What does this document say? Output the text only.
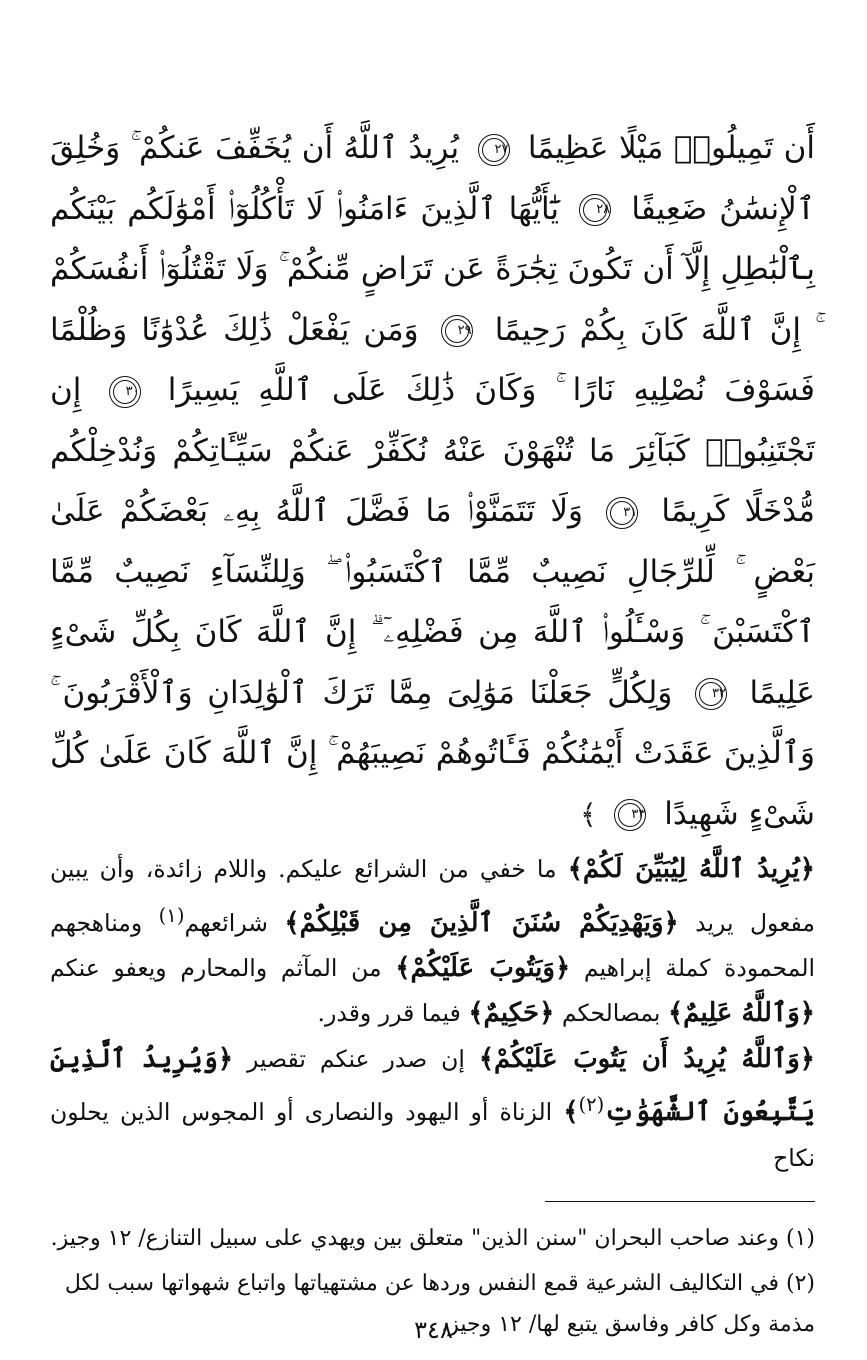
أَن تَمِيلُوا۟ مَيْلًا عَظِيمًا ٢٧ يُرِيدُ ٱللَّهُ أَن يُخَفِّفَ عَنكُمْ ۚ وَخُلِقَ ٱلْإِنسَٰنُ ضَعِيفًا ٢٨ يَٰٓأَيُّهَا ٱلَّذِينَ ءَامَنُوا۟ لَا تَأْكُلُوٓا۟ أَمْوَٰلَكُم بَيْنَكُم بِٱلْبَٰطِلِ إِلَّآ أَن تَكُونَ تِجَٰرَةً عَن تَرَاضٍ مِّنكُمْ ۚ وَلَا تَقْتُلُوٓا۟ أَنفُسَكُمْ ۚ إِنَّ ٱللَّهَ كَانَ بِكُمْ رَحِيمًا ٢٩ وَمَن يَفْعَلْ ذَٰلِكَ عُدْوَٰنًا وَظُلْمًا فَسَوْفَ نُصْلِيهِ نَارًا ۚ وَكَانَ ذَٰلِكَ عَلَى ٱللَّهِ يَسِيرًا ٣٠ إِن تَجْتَنِبُوا۟ كَبَآئِرَ مَا تُنْهَوْنَ عَنْهُ نُكَفِّرْ عَنكُمْ سَيِّـَٔاتِكُمْ وَنُدْخِلْكُم مُّدْخَلًا كَرِيمًا ٣١ وَلَا تَتَمَنَّوْا۟ مَا فَضَّلَ ٱللَّهُ بِهِۦ بَعْضَكُمْ عَلَىٰ بَعْضٍ ۚ لِّلرِّجَالِ نَصِيبٌ مِّمَّا ٱكْتَسَبُوا۟ ۖ وَلِلنِّسَآءِ نَصِيبٌ مِّمَّا ٱكْتَسَبْنَ ۚ وَسْـَٔلُوا۟ ٱللَّهَ مِن فَضْلِهِۦٓ ۗ إِنَّ ٱللَّهَ كَانَ بِكُلِّ شَىْءٍ عَلِيمًا ٣٢ وَلِكُلٍّ جَعَلْنَا مَوَٰلِىَ مِمَّا تَرَكَ ٱلْوَٰلِدَانِ وَٱلْأَقْرَبُونَ ۚ وَٱلَّذِينَ عَقَدَتْ أَيْمَٰنُكُمْ فَـَٔاتُوهُمْ نَصِيبَهُمْ ۚ إِنَّ ٱللَّهَ كَانَ عَلَىٰ كُلِّ شَىْءٍ شَهِيدًا ٣٣ ﴾

﴿يُرِيدُ ٱللَّهُ لِيُبَيِّنَ لَكُمْ﴾ ما خفي من الشرائع عليكم. واللام زائدة، وأن يبين مفعول يريد ﴿وَيَهْدِيَكُمْ سُنَنَ ٱلَّذِينَ مِن قَبْلِكُمْ﴾ شرائعهم$^{(١)}$ ومناهجهم المحمودة كملة إبراهيم ﴿وَيَتُوبَ عَلَيْكُمْ﴾ من المآثم والمحارم ويعفو عنكم ﴿وَٱللَّهُ عَلِيمٌ﴾ بمصالحكم ﴿حَكِيمٌ﴾ فيما قرر وقدر.

﴿وَٱللَّهُ يُرِيدُ أَن يَتُوبَ عَلَيْكُمْ﴾ إن صدر عنكم تقصير ﴿وَيُرِيدُ ٱلَّذِينَ يَتَّبِعُونَ ٱلشَّهَوَٰتِ$^{(٢)}$﴾ الزناة أو اليهود والنصارى أو المجوس الذين يحلون نكاح

(١) وعند صاحب البحران "سنن الذين" متعلق بين ويهدي على سبيل التنازع/ ١٢ وجيز.

(٢) في التكاليف الشرعية قمع النفس وردها عن مشتهياتها واتباع شهواتها سبب لكل مذمة وكل كافر وفاسق يتبع لها/ ١٢ وجيز.

٣٤٨
